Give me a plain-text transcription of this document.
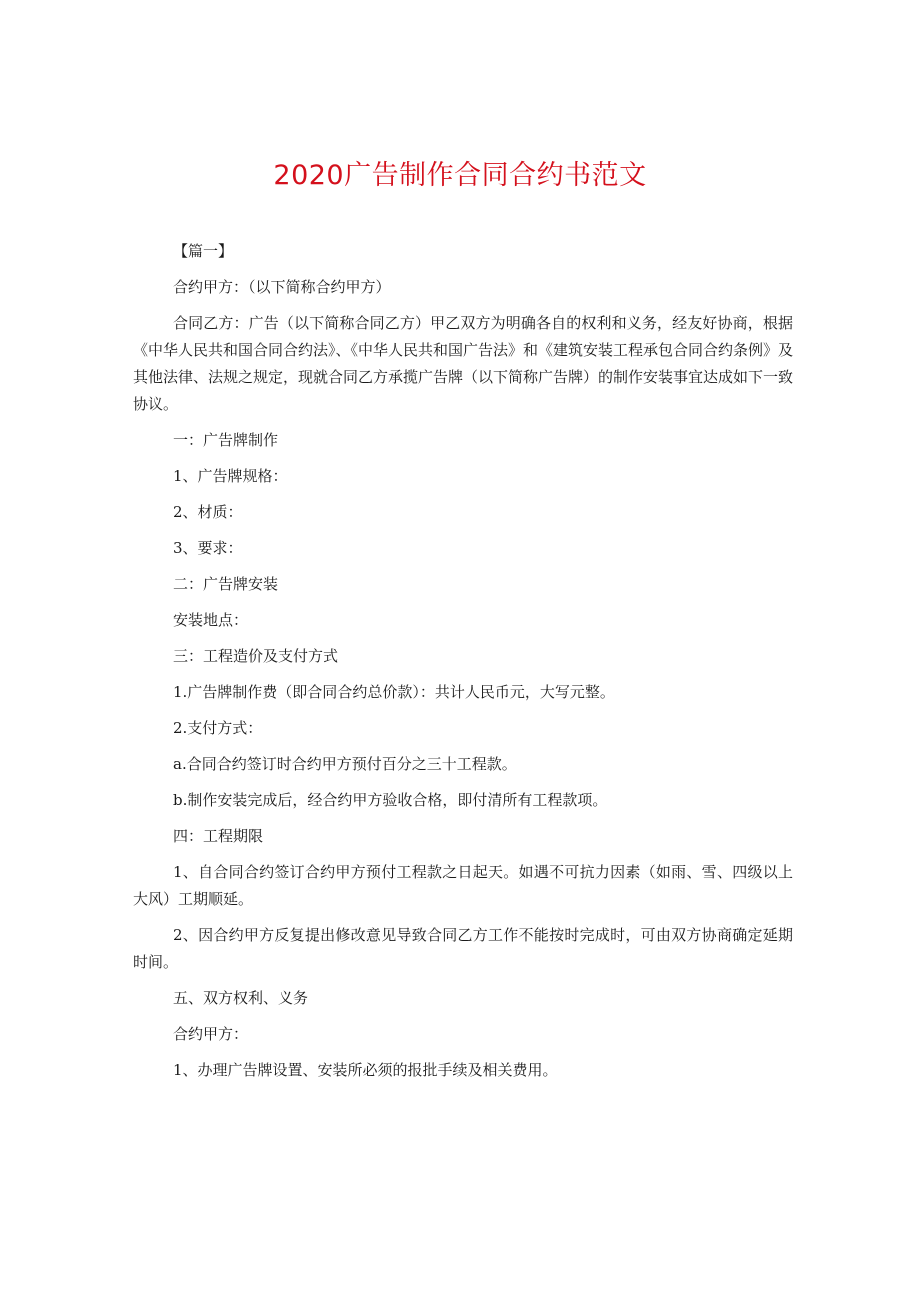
2020广告制作合同合约书范文

【篇一】

合约甲方：（以下简称合约甲方）

合同乙方：广告（以下简称合同乙方）甲乙双方为明确各自的权利和义务，经友好协商，根据《中华人民共和国合同合约法》、《中华人民共和国广告法》和《建筑安装工程承包合同合约条例》及其他法律、法规之规定，现就合同乙方承揽广告牌（以下简称广告牌）的制作安装事宜达成如下一致协议。

一：广告牌制作

1、广告牌规格：

2、材质：

3、要求：

二：广告牌安装

安装地点：

三：工程造价及支付方式

1.广告牌制作费（即合同合约总价款）：共计人民币元，大写元整。

2.支付方式：

a.合同合约签订时合约甲方预付百分之三十工程款。

b.制作安装完成后，经合约甲方验收合格，即付清所有工程款项。

四：工程期限

1、自合同合约签订合约甲方预付工程款之日起天。如遇不可抗力因素（如雨、雪、四级以上大风）工期顺延。

2、因合约甲方反复提出修改意见导致合同乙方工作不能按时完成时，可由双方协商确定延期时间。

五、双方权利、义务

合约甲方：

1、办理广告牌设置、安装所必须的报批手续及相关费用。
